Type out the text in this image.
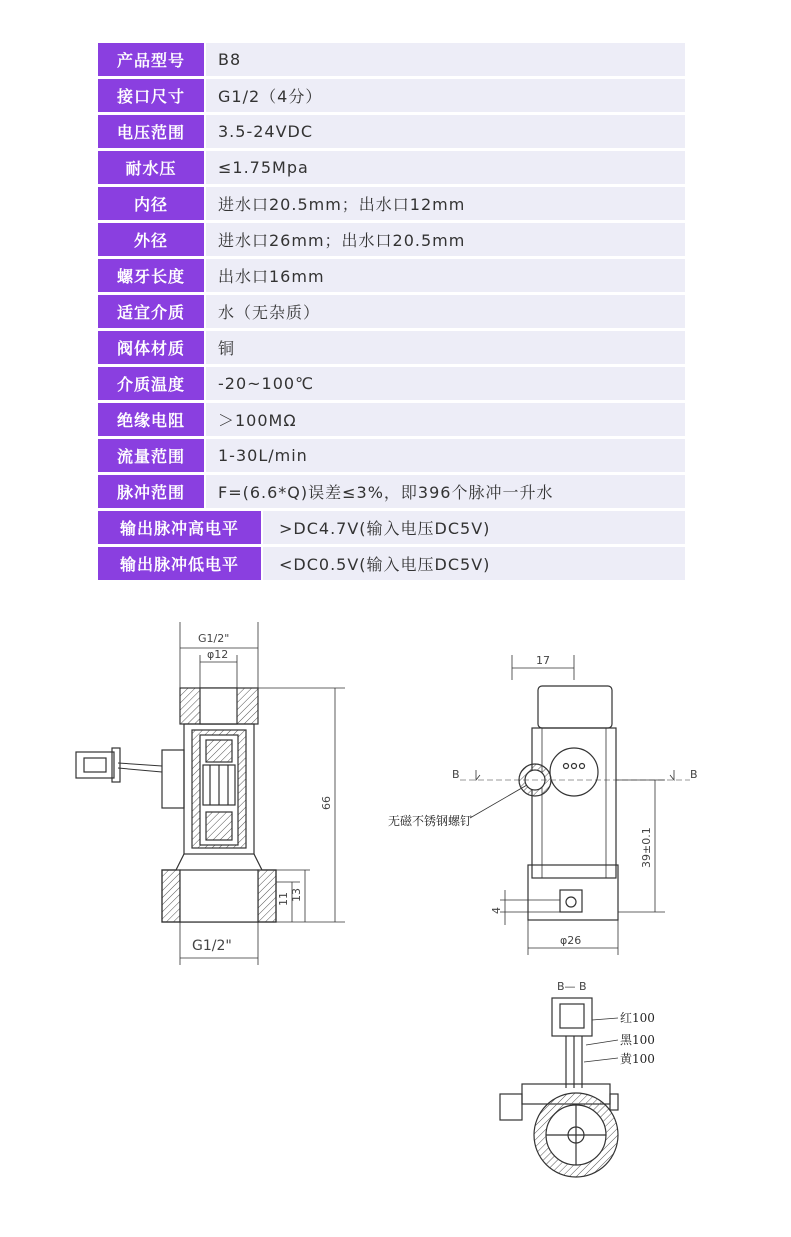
产品型号	B8
接口尺寸	G1/2（4分）
电压范围	3.5-24VDC
耐水压	≤1.75Mpa
内径	进水口20.5mm；出水口12mm
外径	进水口26mm；出水口20.5mm
螺牙长度	出水口16mm
适宜介质	水（无杂质）
阀体材质	铜
介质温度	-20~100℃
绝缘电阻	＞100MΩ
流量范围	1-30L/min
脉冲范围	F=(6.6*Q)误差≤3%，即396个脉冲一升水
输出脉冲高电平	>DC4.7V(输入电压DC5V)
输出脉冲低电平	<DC0.5V(输入电压DC5V)
G1/2"
φ12
66
11 13
G1/2"
17
B	B
无磁不锈钢螺钉
39±0.1
4
φ26
B— B
红100
黑100
黄100
